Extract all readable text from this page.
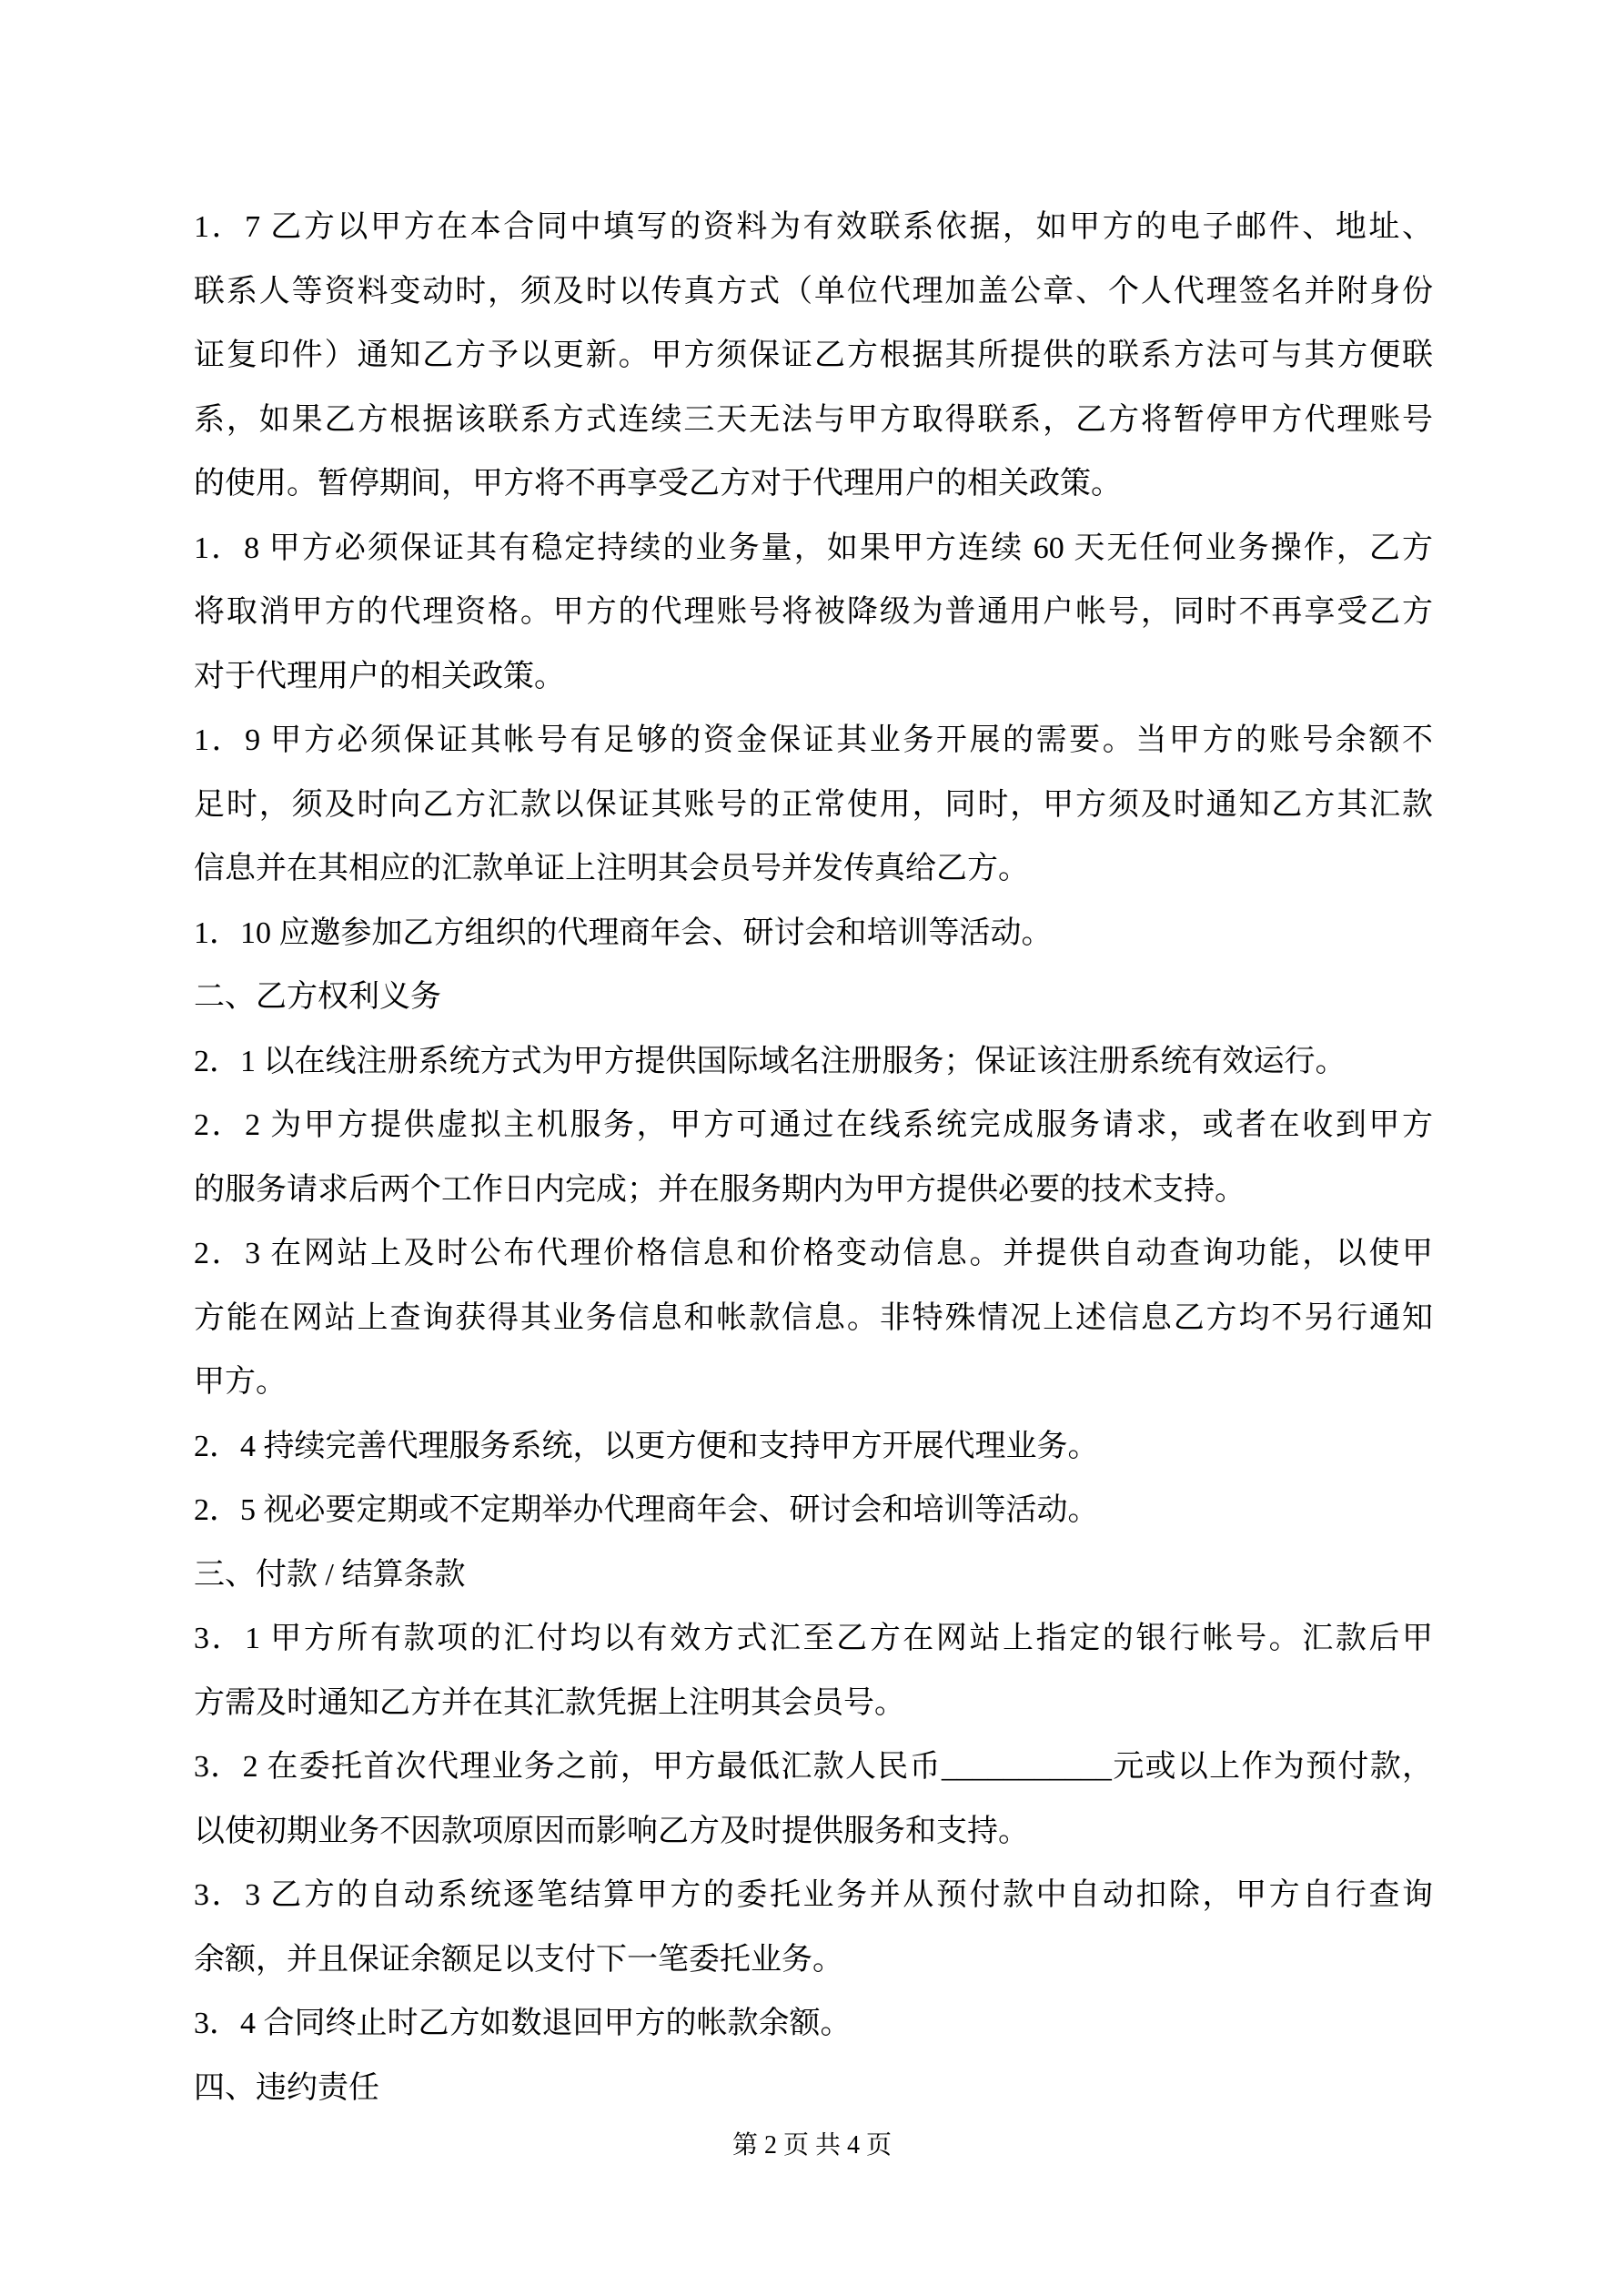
1．7 乙方以甲方在本合同中填写的资料为有效联系依据，如甲方的电子邮件、地址、
联系人等资料变动时，须及时以传真方式（单位代理加盖公章、个人代理签名并附身份
证复印件）通知乙方予以更新。甲方须保证乙方根据其所提供的联系方法可与其方便联
系，如果乙方根据该联系方式连续三天无法与甲方取得联系，乙方将暂停甲方代理账号
的使用。暂停期间，甲方将不再享受乙方对于代理用户的相关政策。
1．8 甲方必须保证其有稳定持续的业务量，如果甲方连续 60 天无任何业务操作，乙方
将取消甲方的代理资格。甲方的代理账号将被降级为普通用户帐号，同时不再享受乙方
对于代理用户的相关政策。
1．9 甲方必须保证其帐号有足够的资金保证其业务开展的需要。当甲方的账号余额不
足时，须及时向乙方汇款以保证其账号的正常使用，同时，甲方须及时通知乙方其汇款
信息并在其相应的汇款单证上注明其会员号并发传真给乙方。
1．10 应邀参加乙方组织的代理商年会、研讨会和培训等活动。
二、乙方权利义务
2．1 以在线注册系统方式为甲方提供国际域名注册服务；保证该注册系统有效运行。
2．2 为甲方提供虚拟主机服务，甲方可通过在线系统完成服务请求，或者在收到甲方
的服务请求后两个工作日内完成；并在服务期内为甲方提供必要的技术支持。
2．3 在网站上及时公布代理价格信息和价格变动信息。并提供自动查询功能，以使甲
方能在网站上查询获得其业务信息和帐款信息。非特殊情况上述信息乙方均不另行通知
甲方。
2．4 持续完善代理服务系统，以更方便和支持甲方开展代理业务。
2．5 视必要定期或不定期举办代理商年会、研讨会和培训等活动。
三、付款 / 结算条款
3．1 甲方所有款项的汇付均以有效方式汇至乙方在网站上指定的银行帐号。汇款后甲
方需及时通知乙方并在其汇款凭据上注明其会员号。
3．2 在委托首次代理业务之前，甲方最低汇款人民币___________元或以上作为预付款，
以使初期业务不因款项原因而影响乙方及时提供服务和支持。
3．3 乙方的自动系统逐笔结算甲方的委托业务并从预付款中自动扣除，甲方自行查询
余额，并且保证余额足以支付下一笔委托业务。
3．4 合同终止时乙方如数退回甲方的帐款余额。
四、违约责任
第 2 页 共 4 页
